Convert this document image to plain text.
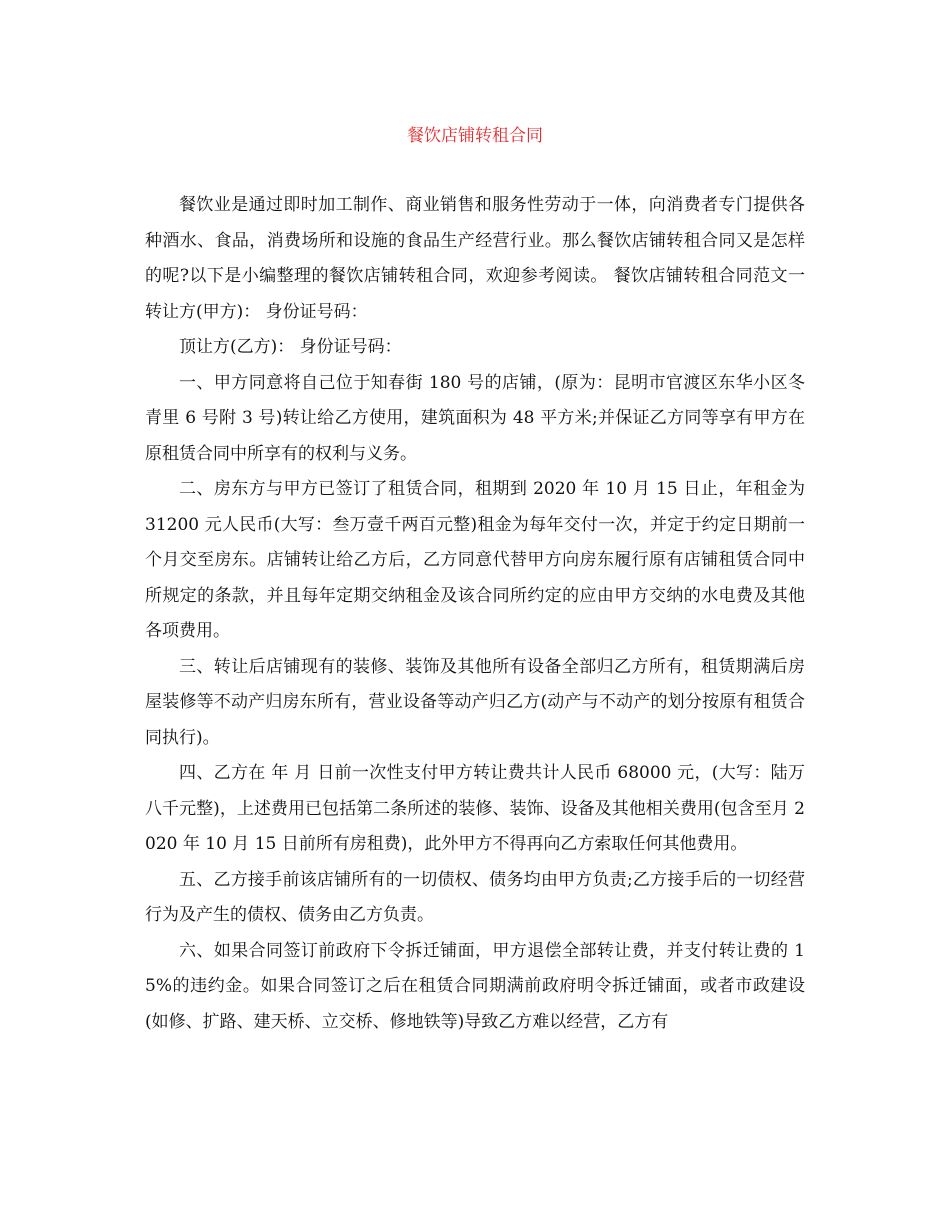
餐饮店铺转租合同

餐饮业是通过即时加工制作、商业销售和服务性劳动于一体，向消费者专门提供各种酒水、食品，消费场所和设施的食品生产经营行业。那么餐饮店铺转租合同又是怎样的呢?以下是小编整理的餐饮店铺转租合同，欢迎参考阅读。 餐饮店铺转租合同范文一　　转让方(甲方)： 身份证号码：

顶让方(乙方)： 身份证号码：

一、甲方同意将自己位于知春街 180 号的店铺，(原为：昆明市官渡区东华小区冬青里 6 号附 3 号)转让给乙方使用，建筑面积为 48 平方米;并保证乙方同等享有甲方在原租赁合同中所享有的权利与义务。

二、房东方与甲方已签订了租赁合同，租期到 2020 年 10 月 15 日止，年租金为 31200 元人民币(大写：叁万壹千两百元整)租金为每年交付一次，并定于约定日期前一个月交至房东。店铺转让给乙方后，乙方同意代替甲方向房东履行原有店铺租赁合同中所规定的条款，并且每年定期交纳租金及该合同所约定的应由甲方交纳的水电费及其他各项费用。

三、转让后店铺现有的装修、装饰及其他所有设备全部归乙方所有，租赁期满后房屋装修等不动产归房东所有，营业设备等动产归乙方(动产与不动产的划分按原有租赁合同执行)。

四、乙方在 年 月 日前一次性支付甲方转让费共计人民币 68000 元，(大写：陆万八千元整)，上述费用已包括第二条所述的装修、装饰、设备及其他相关费用(包含至月 2020 年 10 月 15 日前所有房租费)，此外甲方不得再向乙方索取任何其他费用。

五、乙方接手前该店铺所有的一切债权、债务均由甲方负责;乙方接手后的一切经营行为及产生的债权、债务由乙方负责。

六、如果合同签订前政府下令拆迁铺面，甲方退偿全部转让费，并支付转让费的 15%的违约金。如果合同签订之后在租赁合同期满前政府明令拆迁铺面，或者市政建设(如修、扩路、建天桥、立交桥、修地铁等)导致乙方难以经营，乙方有
